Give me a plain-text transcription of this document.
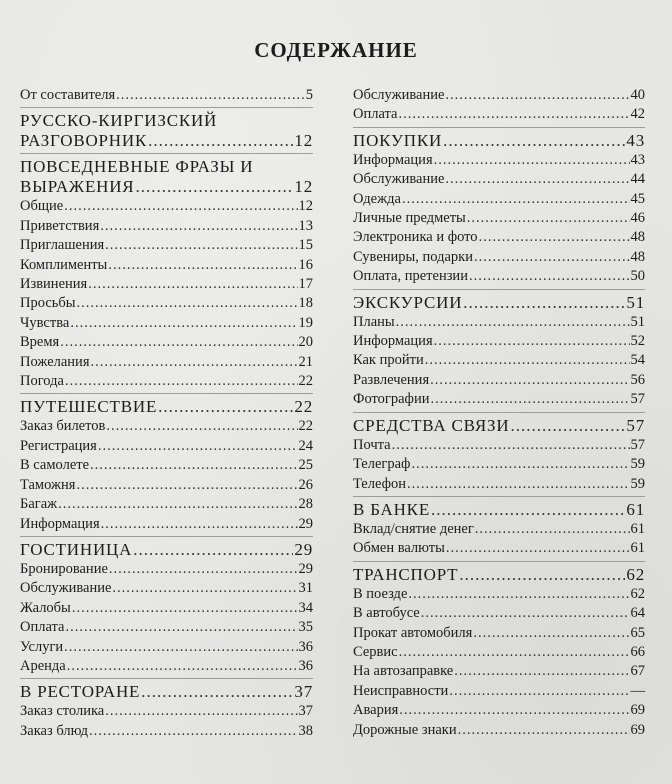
СОДЕРЖАНИЕ
От составителя .....	5
РУССКО-КИРГИЗСКИЙ
РАЗГОВОРНИК .....	12
ПОВСЕДНЕВНЫЕ ФРАЗЫ И
ВЫРАЖЕНИЯ .....	12
Общие .....	12
Приветствия .....	13
Приглашения .....	15
Комплименты .....	16
Извинения .....	17
Просьбы .....	18
Чувства .....	19
Время .....	20
Пожелания .....	21
Погода .....	22
ПУТЕШЕСТВИЕ .....	22
Заказ билетов .....	22
Регистрация .....	24
В самолете .....	25
Таможня .....	26
Багаж .....	28
Информация .....	29
ГОСТИНИЦА .....	29
Бронирование .....	29
Обслуживание .....	31
Жалобы .....	34
Оплата .....	35
Услуги .....	36
Аренда .....	36
В РЕСТОРАНЕ .....	37
Заказ столика .....	37
Заказ блюд .....	38
Обслуживание .....	40
Оплата .....	42
ПОКУПКИ .....	43
Информация .....	43
Обслуживание .....	44
Одежда .....	45
Личные предметы .....	46
Электроника и фото .....	48
Сувениры, подарки .....	48
Оплата, претензии .....	50
ЭКСКУРСИИ .....	51
Планы .....	51
Информация .....	52
Как пройти .....	54
Развлечения .....	56
Фотографии .....	57
СРЕДСТВА СВЯЗИ .....	57
Почта .....	57
Телеграф .....	59
Телефон .....	59
В БАНКЕ .....	61
Вклад/снятие денег .....	61
Обмен валюты .....	61
ТРАНСПОРТ .....	62
В поезде .....	62
В автобусе .....	64
Прокат автомобиля .....	65
Сервис .....	66
На автозаправке .....	67
Неисправности .....	—
Авария .....	69
Дорожные знаки .....	69
